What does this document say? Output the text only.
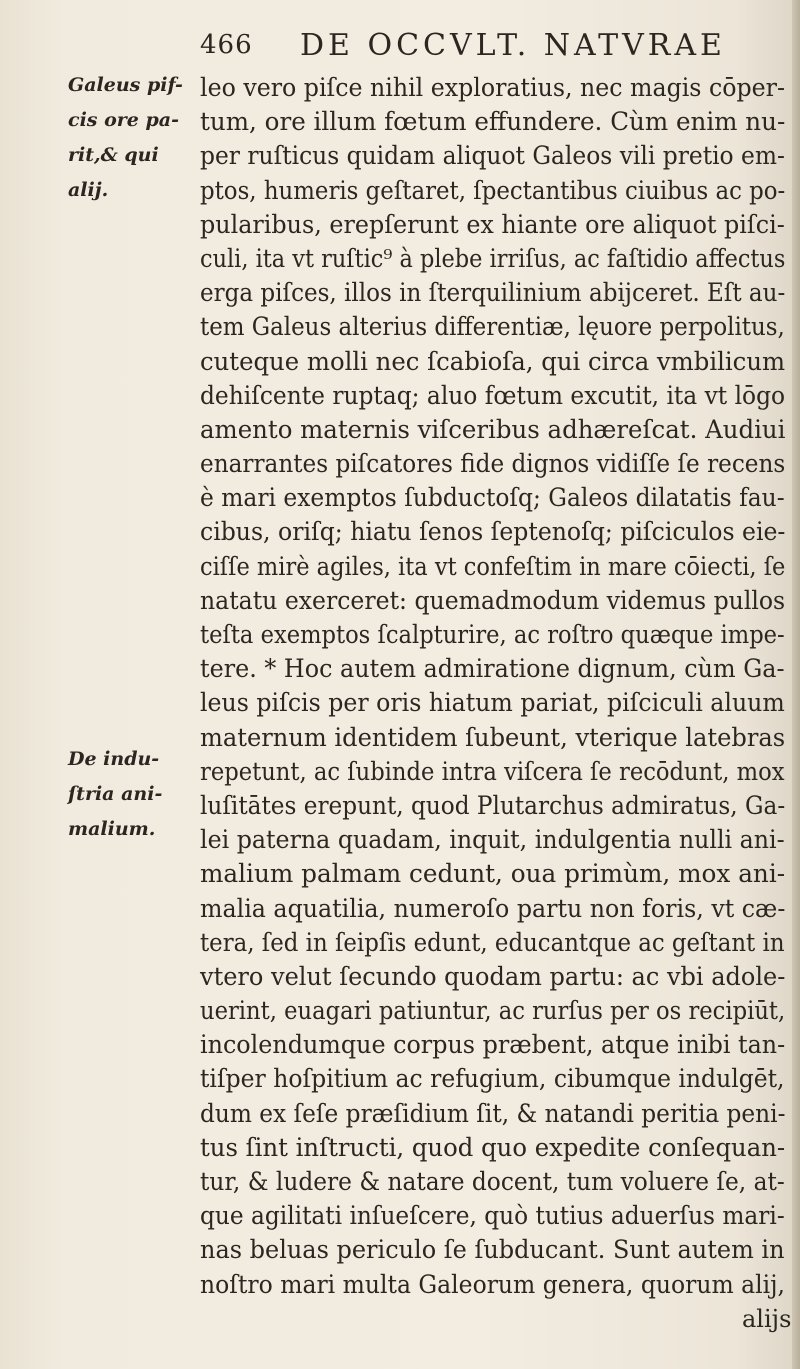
466 DE OCCVLT. NATVRAE
Galeus pif-
cis ore pa-
rit,& qui
alij.
De indu-
ſtria ani-
malium.
leo vero piſce nihil exploratius, nec magis cōper-
tum, ore illum fœtum effundere. Cùm enim nu-
per ruſticus quidam aliquot Galeos vili pretio em-
ptos, humeris geſtaret, ſpectantibus ciuibus ac po-
pularibus, erepſerunt ex hiante ore aliquot piſci-
culi, ita vt ruſtic⁹ à plebe irriſus, ac faſtidio affectus
erga piſces, illos in ſterquilinium abijceret. Eſt au-
tem Galeus alterius differentiæ, lęuore perpolitus,
cuteque molli nec ſcabioſa, qui circa vmbilicum
dehiſcente ruptaq; aluo fœtum excutit, ita vt lōgo
amento maternis viſceribus adhæreſcat. Audiui
enarrantes piſcatores fide dignos vidiſſe ſe recens
è mari exemptos ſubductoſq; Galeos dilatatis fau-
cibus, oriſq; hiatu ſenos ſeptenoſq; piſciculos eie-
ciſſe mirè agiles, ita vt confeſtim in mare cōiecti, ſe
natatu exerceret: quemadmodum videmus pullos
teſta exemptos ſcalpturire, ac roſtro quæque impe-
tere. * Hoc autem admiratione dignum, cùm Ga-
leus piſcis per oris hiatum pariat, piſciculi aluum
maternum identidem ſubeunt, vterique latebras
repetunt, ac ſubinde intra viſcera ſe recōdunt, mox
luſitātes erepunt, quod Plutarchus admiratus, Ga-
lei paterna quadam, inquit, indulgentia nulli ani-
malium palmam cedunt, oua primùm, mox ani-
malia aquatilia, numeroſo partu non foris, vt cæ-
tera, ſed in ſeipſis edunt, educantque ac geſtant in
vtero velut ſecundo quodam partu: ac vbi adole-
uerint, euagari patiuntur, ac rurſus per os recipiūt,
incolendumque corpus præbent, atque inibi tan-
tiſper hoſpitium ac refugium, cibumque indulgēt,
dum ex ſeſe præſidium ſit, & natandi peritia peni-
tus ſint inſtructi, quod quo expedite conſequan-
tur, & ludere & natare docent, tum voluere ſe, at-
que agilitati inſueſcere, quò tutius aduerſus mari-
nas beluas periculo ſe ſubducant. Sunt autem in
noſtro mari multa Galeorum genera, quorum alij,
alijs
